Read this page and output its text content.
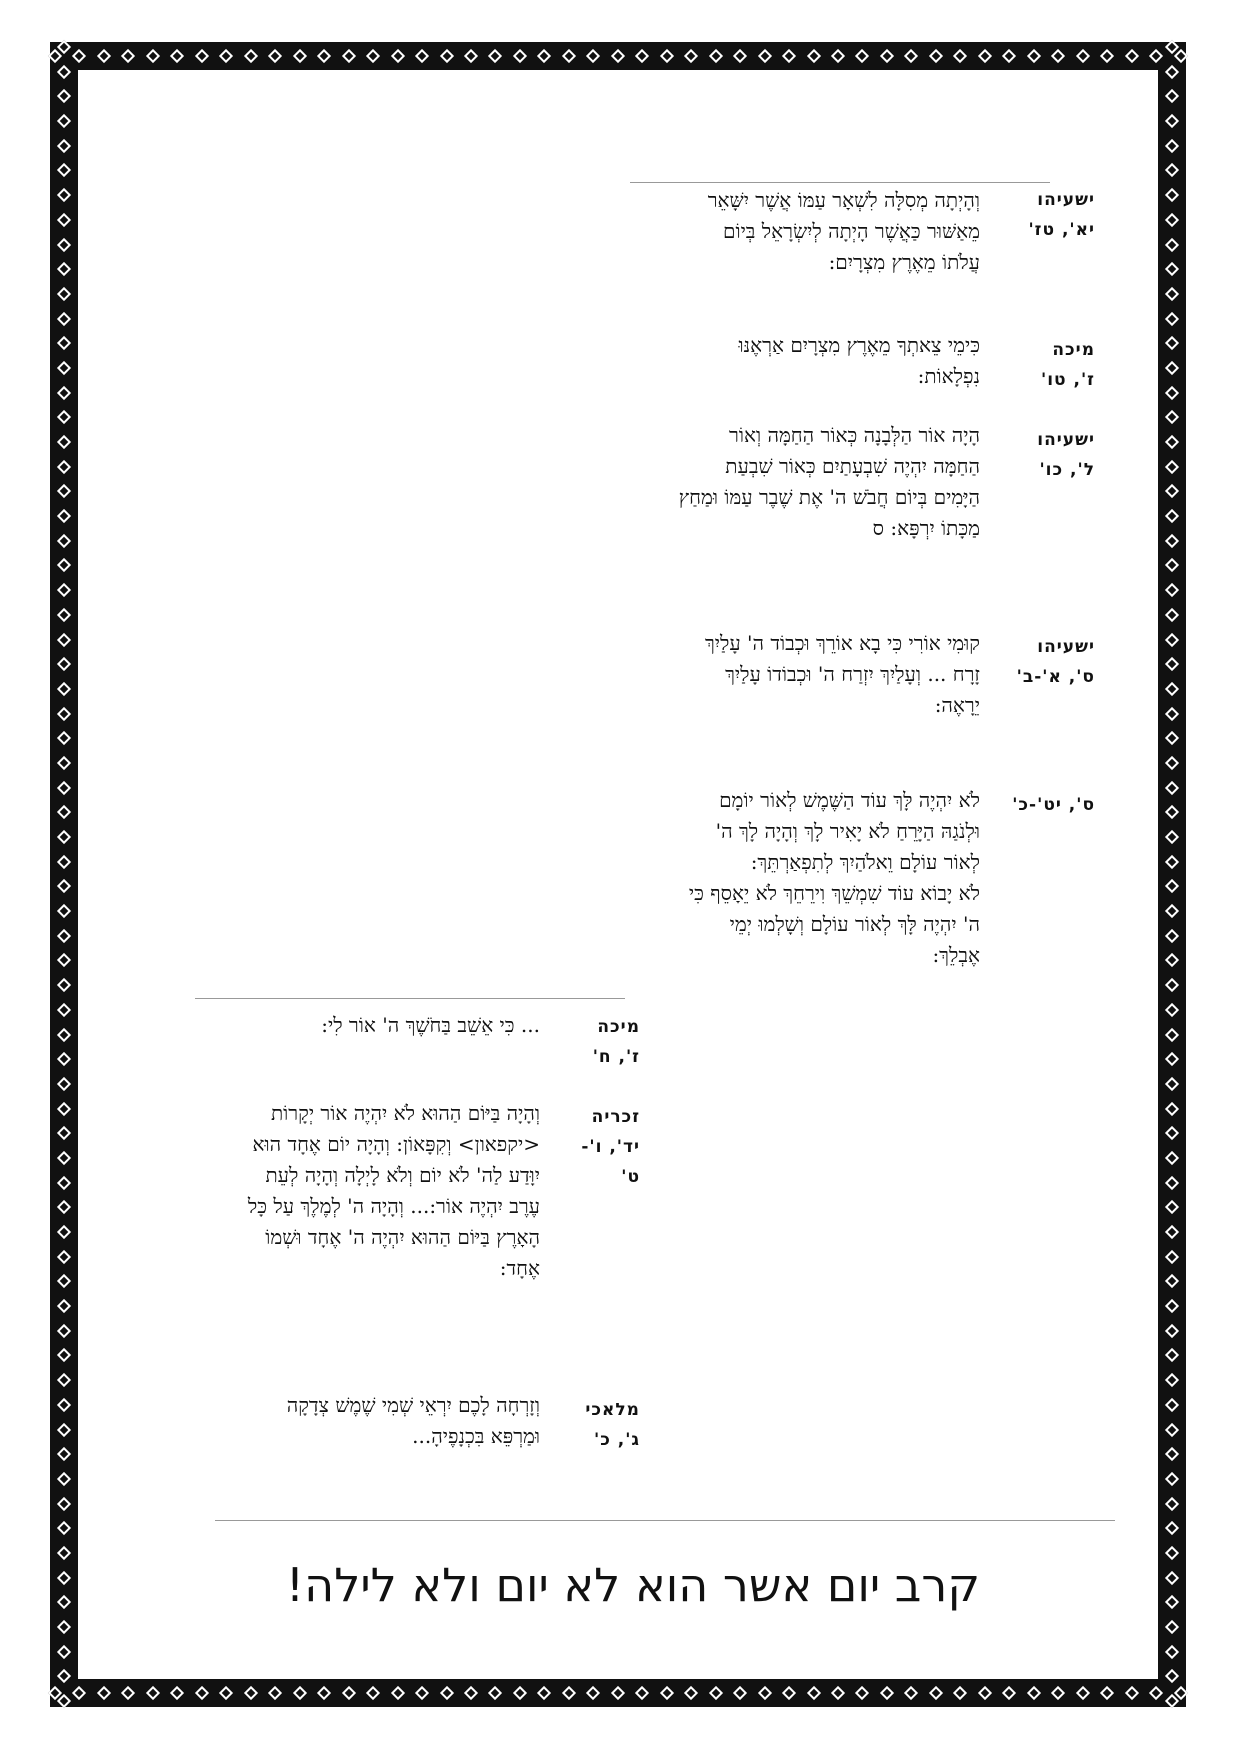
ישעיהו
יא', טז'
וְהָיְתָה מְסִלָּה לִשְׁאָר עַמּוֹ אֲשֶׁר יִשָּׁאֵר
מֵאַשּׁוּר כַּאֲשֶׁר הָיְתָה לְיִשְׂרָאֵל בְּיוֹם
עֲלֹתוֹ מֵאֶרֶץ מִצְרָיִם:
מיכה
ז', טו'
כִּימֵי צֵאתְךָ מֵאֶרֶץ מִצְרָיִם אַרְאֶנּוּ
נִפְלָאוֹת:
ישעיהו
ל', כו'
הָיָה אוֹר הַלְּבָנָה כְּאוֹר הַחַמָּה וְאוֹר
הַחַמָּה יִהְיֶה שִׁבְעָתַיִם כְּאוֹר שִׁבְעַת
הַיָּמִים בְּיוֹם חֲבֹשׁ ה' אֶת שֶׁבֶר עַמּוֹ וּמַחַץ
מַכָּתוֹ יִרְפָּא: ס
ישעיהו
ס', א'-ב'
קוּמִי אוֹרִי כִּי בָא אוֹרֵךְ וּכְבוֹד ה' עָלַיִךְ
זָרָח ... וְעָלַיִךְ יִזְרַח ה' וּכְבוֹדוֹ עָלַיִךְ
יֵרָאֶה:
ס', יט'-כ'
לֹא יִהְיֶה לָּךְ עוֹד הַשֶּׁמֶשׁ לְאוֹר יוֹמָם
וּלְנֹגַהּ הַיָּרֵחַ לֹא יָאִיר לָךְ וְהָיָה לָךְ ה'
לְאוֹר עוֹלָם וֵאלֹהַיִךְ לְתִפְאַרְתֵּךְ:
לֹא יָבוֹא עוֹד שִׁמְשֵׁךְ וִירֵחֵךְ לֹא יֵאָסֵף כִּי
ה' יִהְיֶה לָּךְ לְאוֹר עוֹלָם וְשָׁלְמוּ יְמֵי
אֶבְלֵךְ:
מיכה
ז', ח'
... כִּי אֵשֵׁב בַּחֹשֶׁךְ ה' אוֹר לִי:
זכריה
יד', ו'-
ט'
וְהָיָה בַּיּוֹם הַהוּא לֹא יִהְיֶה אוֹר יְקָרוֹת
<יקפאון> וְקִפָּאוֹן: וְהָיָה יוֹם אֶחָד הוּא
יִוָּדַע לַה' לֹא יוֹם וְלֹא לָיְלָה וְהָיָה לְעֵת
עֶרֶב יִהְיֶה אוֹר:... וְהָיָה ה' לְמֶלֶךְ עַל כָּל
הָאָרֶץ בַּיּוֹם הַהוּא יִהְיֶה ה' אֶחָד וּשְׁמוֹ
אֶחָד:
מלאכי
ג', כ'
וְזָרְחָה לָכֶם יִרְאֵי שְׁמִי שֶׁמֶשׁ צְדָקָה
וּמַרְפֵּא בִּכְנָפֶיהָ...
קרב יום אשר הוא לא יום ולא לילה!
